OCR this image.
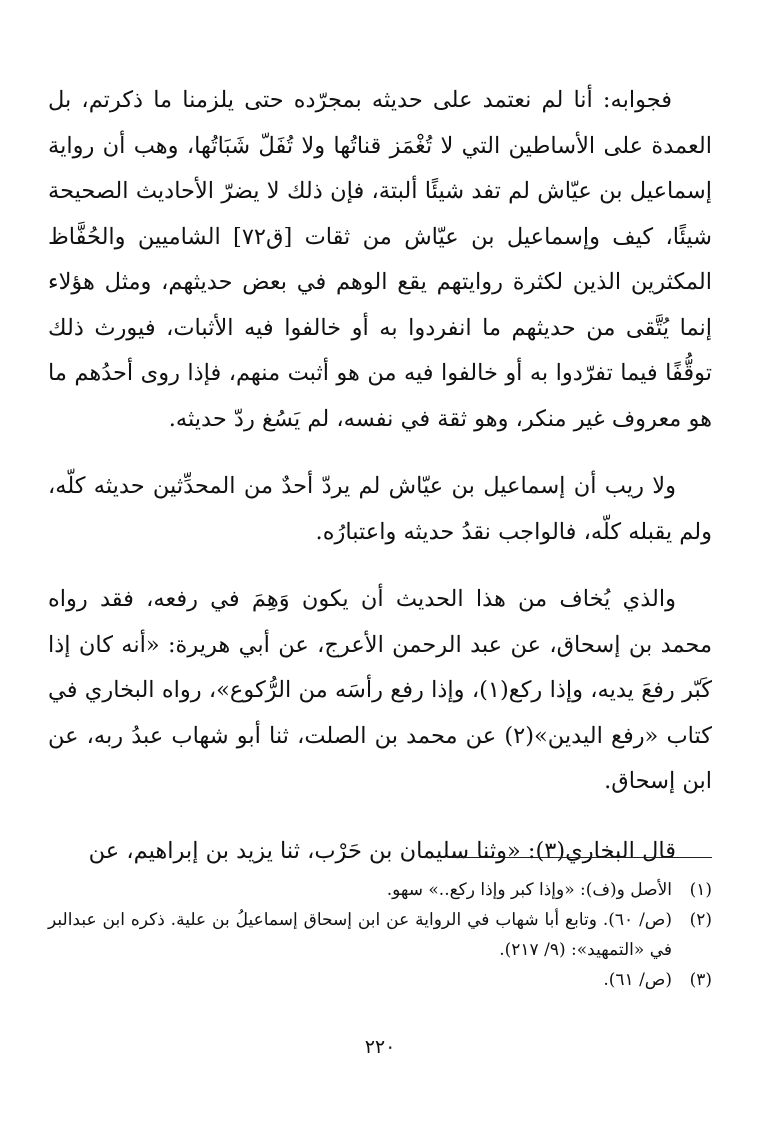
فجوابه: أنا لم نعتمد على حديثه بمجرّده حتى يلزمنا ما ذكرتم، بل العمدة على الأساطين التي لا تُغْمَز قناتُها ولا تُفَلّ شَبَاتُها، وهب أن رواية إسماعيل بن عيّاش لم تفد شيئًا ألبتة، فإن ذلك لا يضرّ الأحاديث الصحيحة شيئًا، كيف وإسماعيل بن عيّاش من ثقات [ق٧٢] الشاميين والحُفَّاظ المكثرين الذين لكثرة روايتهم يقع الوهم في بعض حديثهم، ومثل هؤلاء إنما يُتَّقى من حديثهم ما انفردوا به أو خالفوا فيه الأثبات، فيورث ذلك توقُّفًا فيما تفرّدوا به أو خالفوا فيه من هو أثبت منهم، فإذا روى أحدُهم ما هو معروف غير منكر، وهو ثقة في نفسه، لم يَسُغ ردّ حديثه.

ولا ريب أن إسماعيل بن عيّاش لم يردّ أحدٌ من المحدِّثين حديثه كلّه، ولم يقبله كلّه، فالواجب نقدُ حديثه واعتبارُه.

والذي يُخاف من هذا الحديث أن يكون وَهِمَ في رفعه، فقد رواه محمد بن إسحاق، عن عبد الرحمن الأعرج، عن أبي هريرة: «أنه كان إذا كَبّر رفعَ يديه، وإذا ركع(١)، وإذا رفع رأسَه من الرُّكوع»، رواه البخاري في كتاب «رفع اليدين»(٢) عن محمد بن الصلت، ثنا أبو شهاب عبدُ ربه، عن ابن إسحاق.

قال البخاري(٣): «وثنا سليمان بن حَرْب، ثنا يزيد بن إبراهيم، عن

(١)
الأصل و(ف): «وإذا كبر وإذا ركع..» سهو.
(٢)
(ص/ ٦٠). وتابع أبا شهاب في الرواية عن ابن إسحاق إسماعيلُ بن علية. ذكره ابن عبدالبر في «التمهيد»: (٩/ ٢١٧).
(٣)
(ص/ ٦١).
٢٢٠
